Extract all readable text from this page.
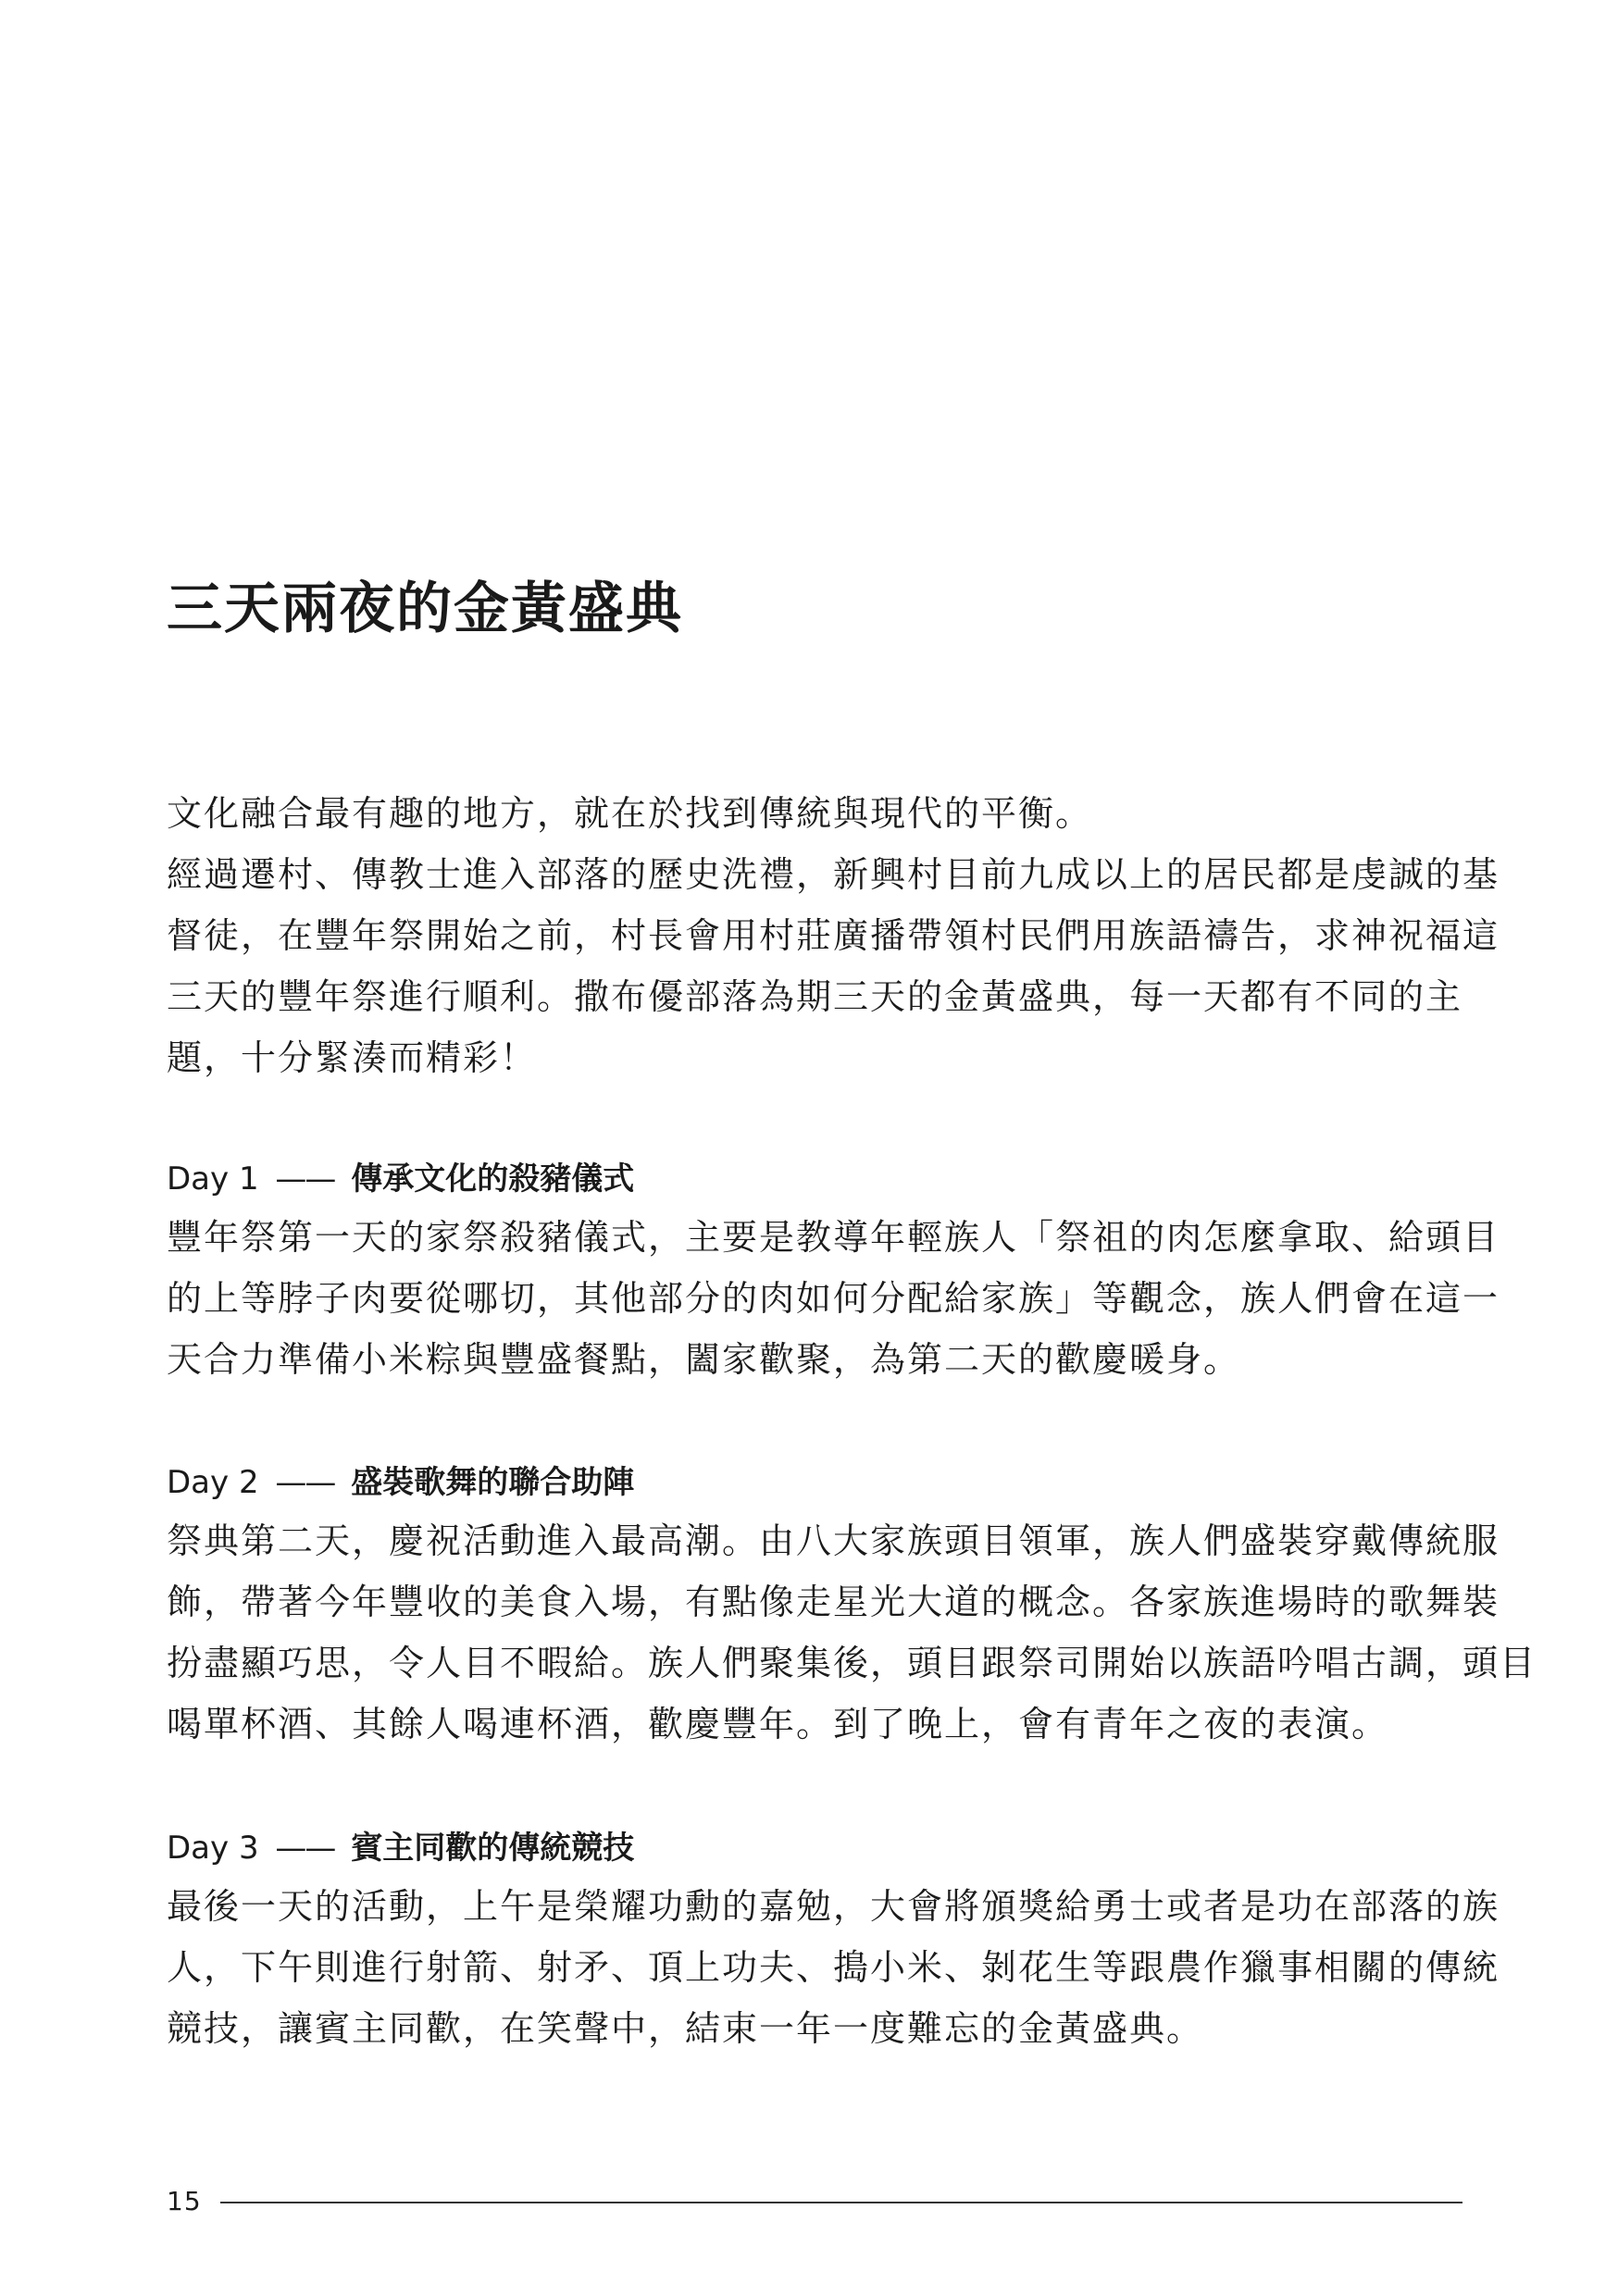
三天兩夜的金黃盛典
文化融合最有趣的地方，就在於找到傳統與現代的平衡。
經過遷村、傳教士進入部落的歷史洗禮，新興村目前九成以上的居民都是虔誠的基
督徒，在豐年祭開始之前，村長會用村莊廣播帶領村民們用族語禱告，求神祝福這
三天的豐年祭進行順利。撒布優部落為期三天的金黃盛典，每一天都有不同的主
題，十分緊湊而精彩！
Day 1 —— 傳承文化的殺豬儀式
豐年祭第一天的家祭殺豬儀式，主要是教導年輕族人「祭祖的肉怎麼拿取、給頭目
的上等脖子肉要從哪切，其他部分的肉如何分配給家族」等觀念，族人們會在這一
天合力準備小米粽與豐盛餐點，闔家歡聚，為第二天的歡慶暖身。
Day 2 —— 盛裝歌舞的聯合助陣
祭典第二天，慶祝活動進入最高潮。由八大家族頭目領軍，族人們盛裝穿戴傳統服
飾，帶著今年豐收的美食入場，有點像走星光大道的概念。各家族進場時的歌舞裝
扮盡顯巧思，令人目不暇給。族人們聚集後，頭目跟祭司開始以族語吟唱古調，頭目
喝單杯酒、其餘人喝連杯酒，歡慶豐年。到了晚上，會有青年之夜的表演。
Day 3 —— 賓主同歡的傳統競技
最後一天的活動，上午是榮耀功勳的嘉勉，大會將頒獎給勇士或者是功在部落的族
人，下午則進行射箭、射矛、頂上功夫、搗小米、剝花生等跟農作獵事相關的傳統
競技，讓賓主同歡，在笑聲中，結束一年一度難忘的金黃盛典。
15
